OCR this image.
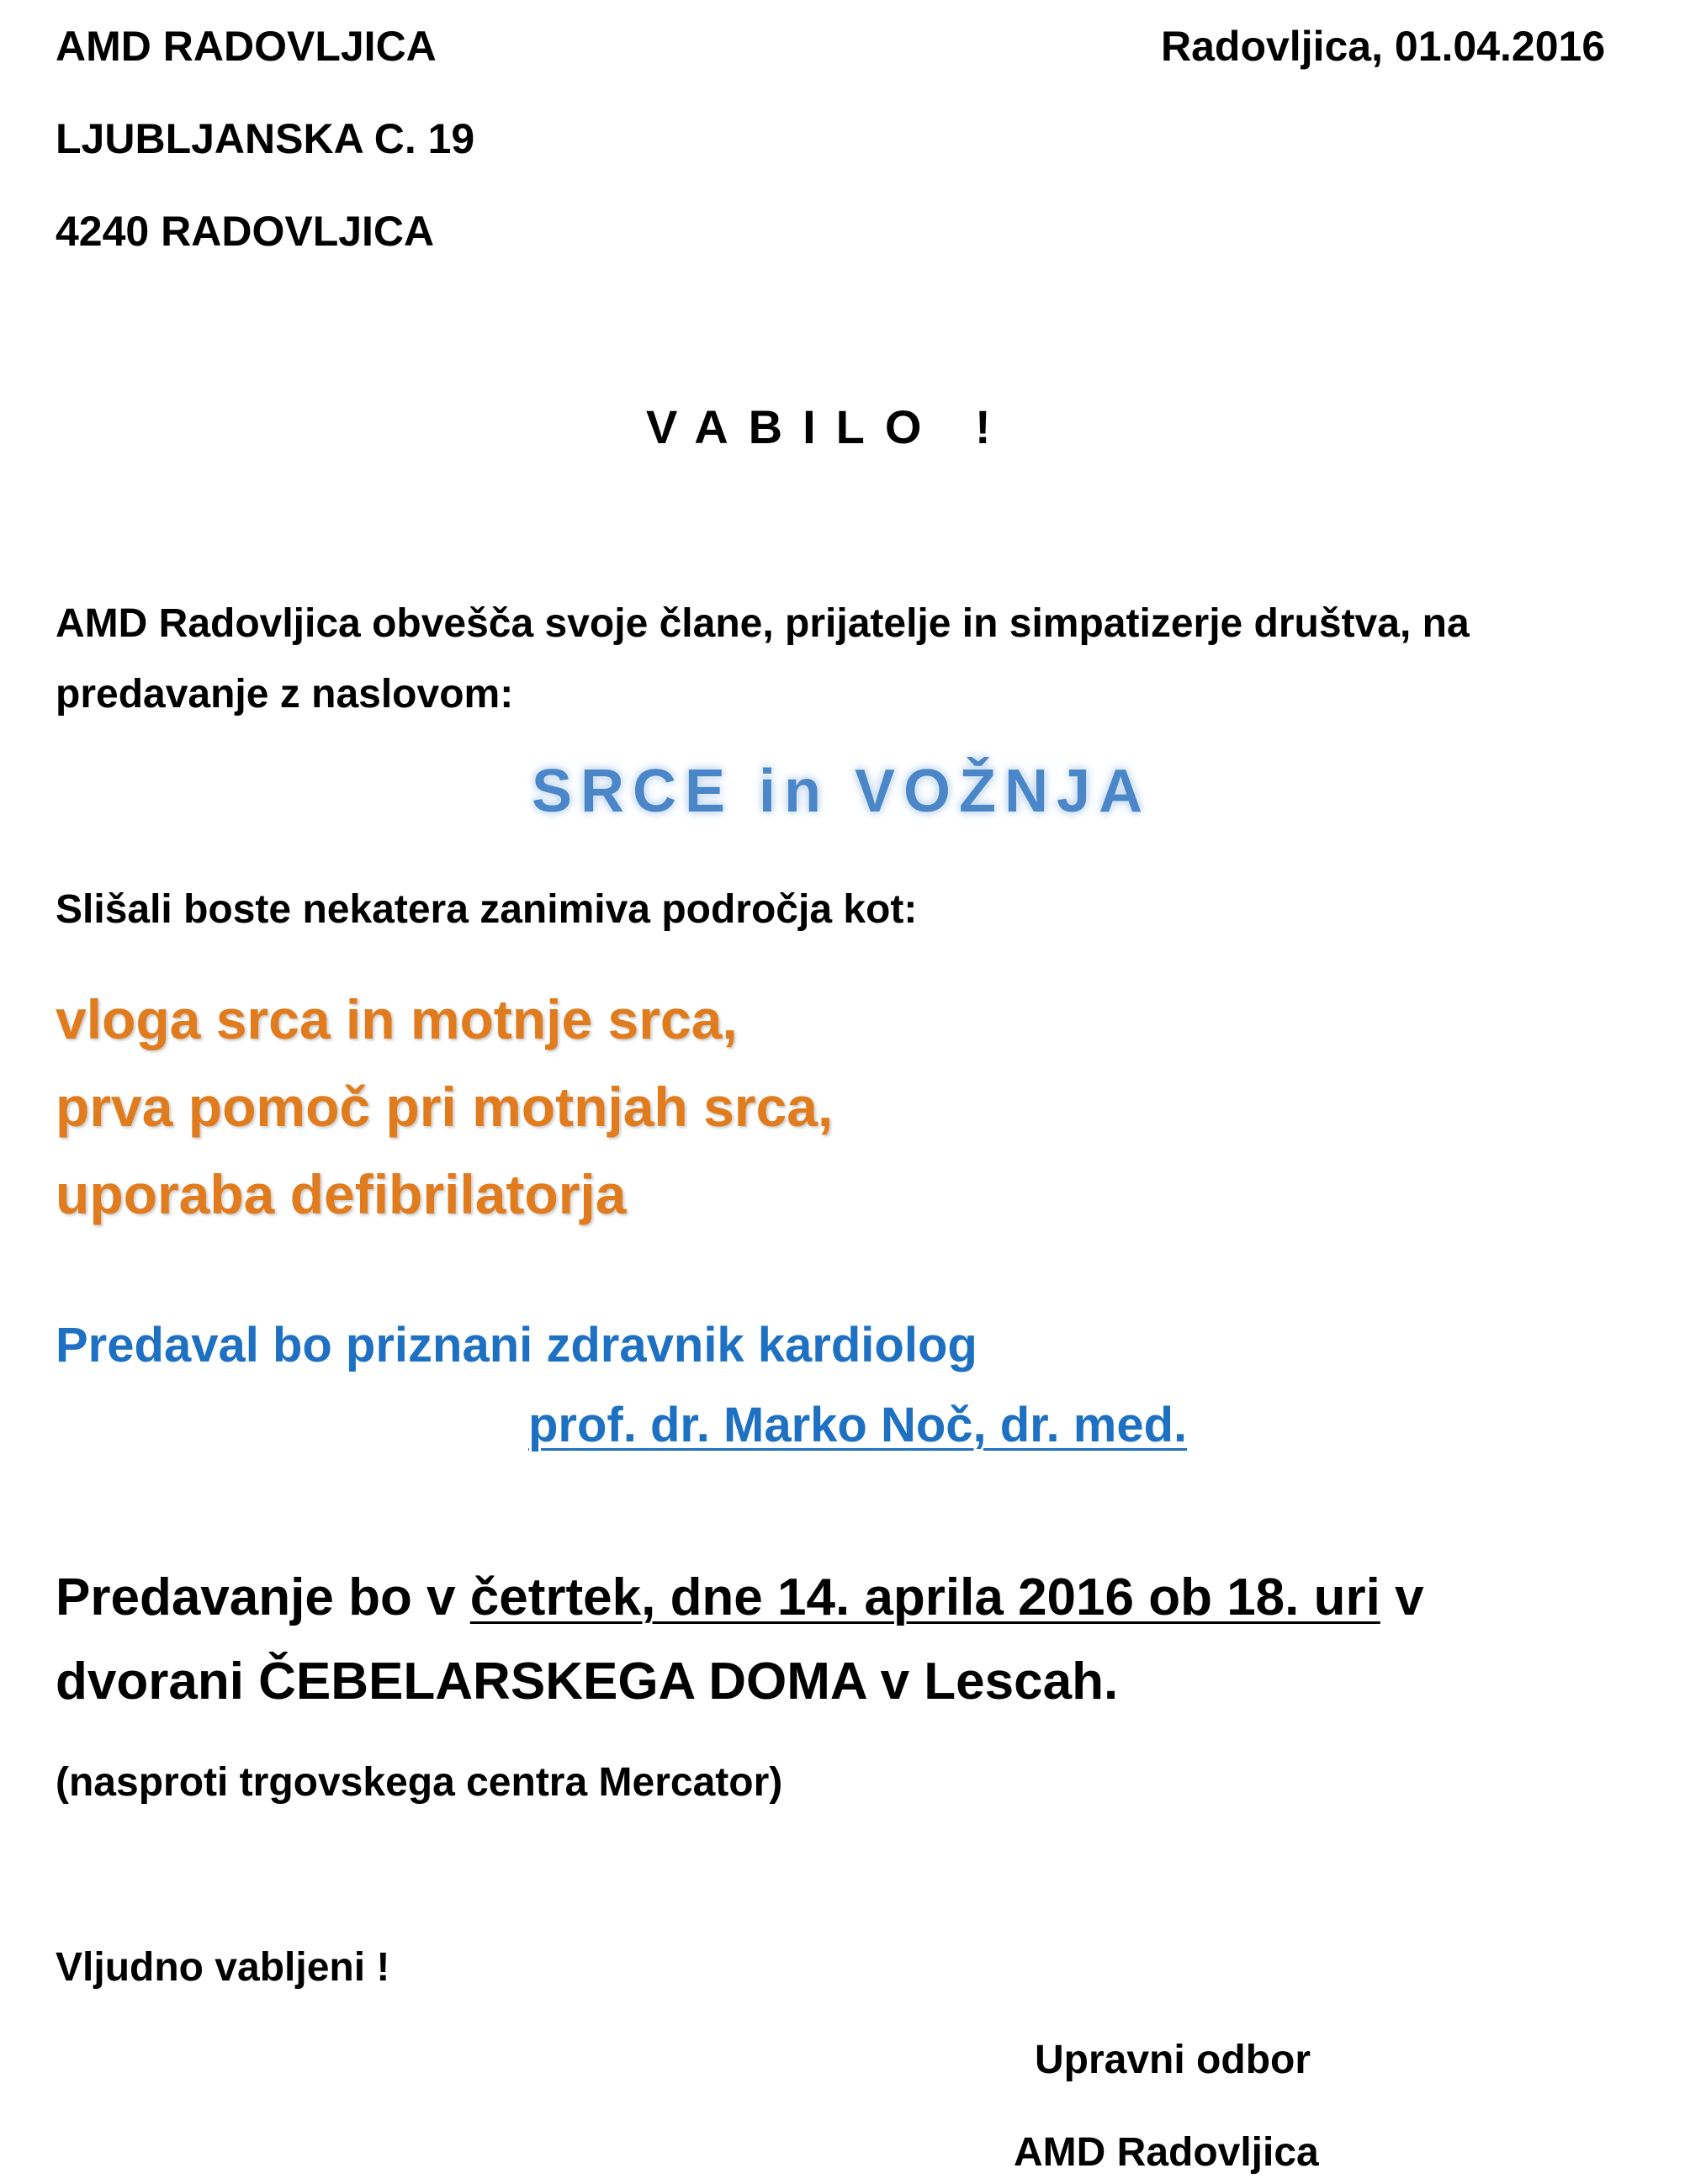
AMD RADOVLJICA
LJUBLJANSKA C. 19
4240 RADOVLJICA
Radovljica, 01.04.2016
VABILO !
AMD Radovljica obvešča svoje člane, prijatelje in simpatizerje društva, na
predavanje z naslovom:
SRCE in VOŽNJA
Slišali boste nekatera zanimiva področja kot:
vloga srca in motnje srca,
prva pomoč pri motnjah srca,
uporaba defibrilatorja
Predaval bo priznani zdravnik kardiolog
prof. dr. Marko Noč, dr. med.
Predavanje bo v četrtek, dne 14. aprila 2016 ob 18. uri v
dvorani ČEBELARSKEGA DOMA v Lescah.
(nasproti trgovskega centra Mercator)
Vljudno vabljeni !
Upravni odbor
AMD Radovljica
